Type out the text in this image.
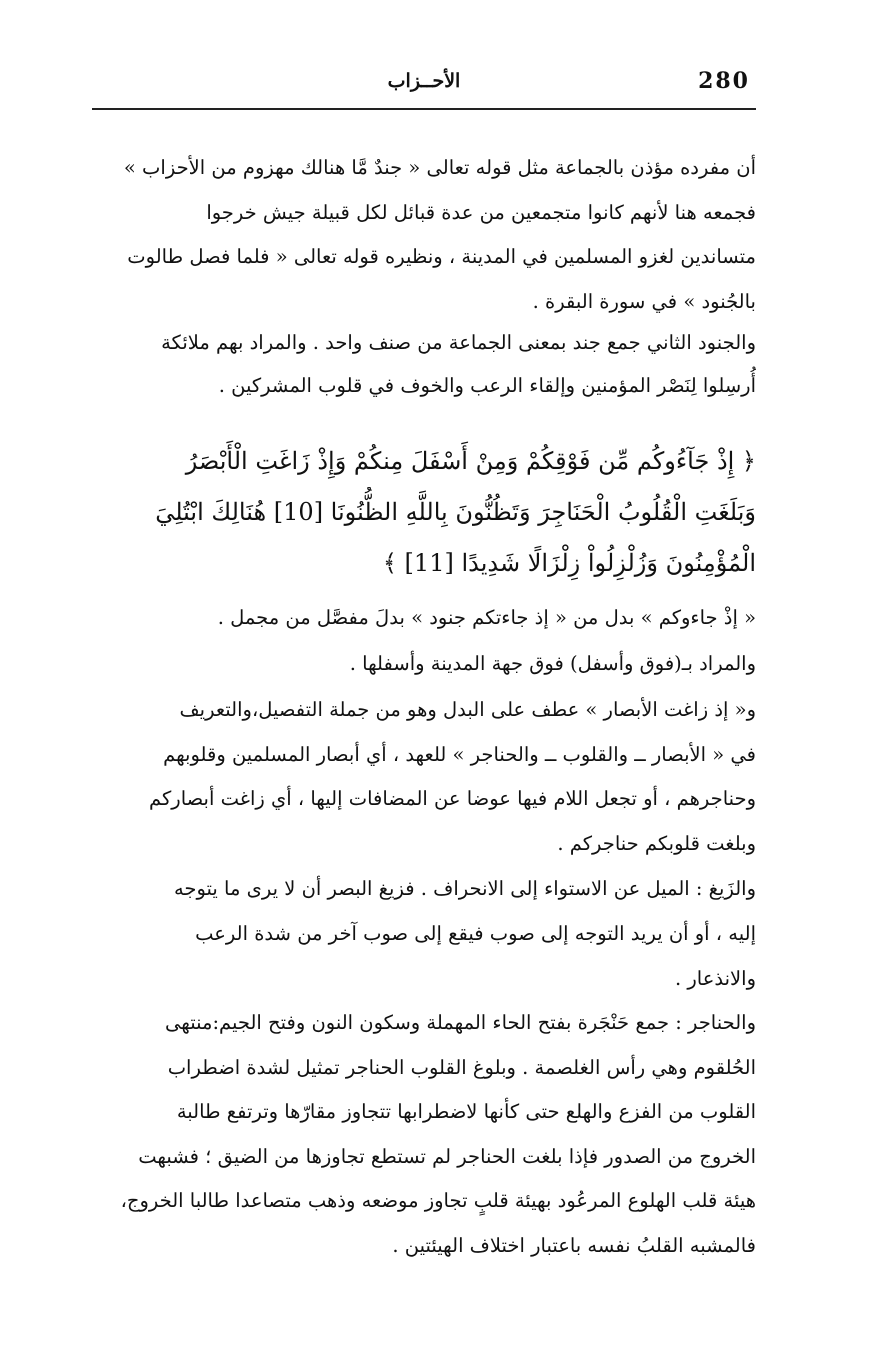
280
الأحــزاب
أن مفرده مؤذن بالجماعة مثل قوله تعالى « جندٌ مَّا هنالك مهزوم من الأحزاب »
فجمعه هنا لأنهم كانوا متجمعين من عدة قبائل لكل قبيلة جيش خرجوا
متساندين لغزو المسلمين في المدينة ، ونظيره قوله تعالى « فلما فصل طالوت
بالجُنود » في سورة البقرة .
والجنود الثاني جمع جند بمعنى الجماعة من صنف واحد . والمراد بهم ملائكة
أُرسِلوا لِنَصْر المؤمنين وإلقاء الرعب والخوف في قلوب المشركين .
﴿ إِذْ جَآءُوكُم مِّن فَوْقِكُمْ وَمِنْ أَسْفَلَ مِنكُمْ وَإِذْ زَاغَتِ الْأَبْصَرُ
وَبَلَغَتِ الْقُلُوبُ الْحَنَاجِرَ وَتَظُنُّونَ بِاللَّهِ الظُّنُونَا [10] هُنَالِكَ ابْتُلِيَ
الْمُؤْمِنُونَ وَزُلْزِلُواْ زِلْزَالًا شَدِيدًا [11] ﴾
« إذْ جاءوكم » بدل من « إذ جاءتكم جنود » بدلَ مفصَّل من مجمل .
والمراد بـ(فوق وأسفل) فوق جهة المدينة وأسفلها .
و« إذ زاغت الأبصار » عطف على البدل وهو من جملة التفصيل،والتعريف
في « الأبصار ــ والقلوب ــ والحناجر » للعهد ، أي أبصار المسلمين وقلوبهم
وحناجرهم ، أو تجعل اللام فيها عوضا عن المضافات إليها ، أي زاغت أبصاركم
وبلغت قلوبكم حناجركم .
والزَيغ : الميل عن الاستواء إلى الانحراف . فزيغ البصر أن لا يرى ما يتوجه
إليه ، أو أن يريد التوجه إلى صوب فيقع إلى صوب آخر من شدة الرعب
والانذعار .
والحناجر : جمع حَنْجَرة بفتح الحاء المهملة وسكون النون وفتح الجيم:منتهى
الحُلقوم وهي رأس الغلصمة . وبلوغ القلوب الحناجر تمثيل لشدة اضطراب
القلوب من الفزع والهلع حتى كأنها لاضطرابها تتجاوز مقارّها وترتفع طالبة
الخروج من الصدور فإذا بلغت الحناجر لم تستطع تجاوزها من الضيق ؛ فشبهت
هيئة قلب الهلوع المرعُود بهيئة قلبٍ تجاوز موضعه وذهب متصاعدا طالبا الخروج،
فالمشبه القلبُ نفسه باعتبار اختلاف الهيئتين .
